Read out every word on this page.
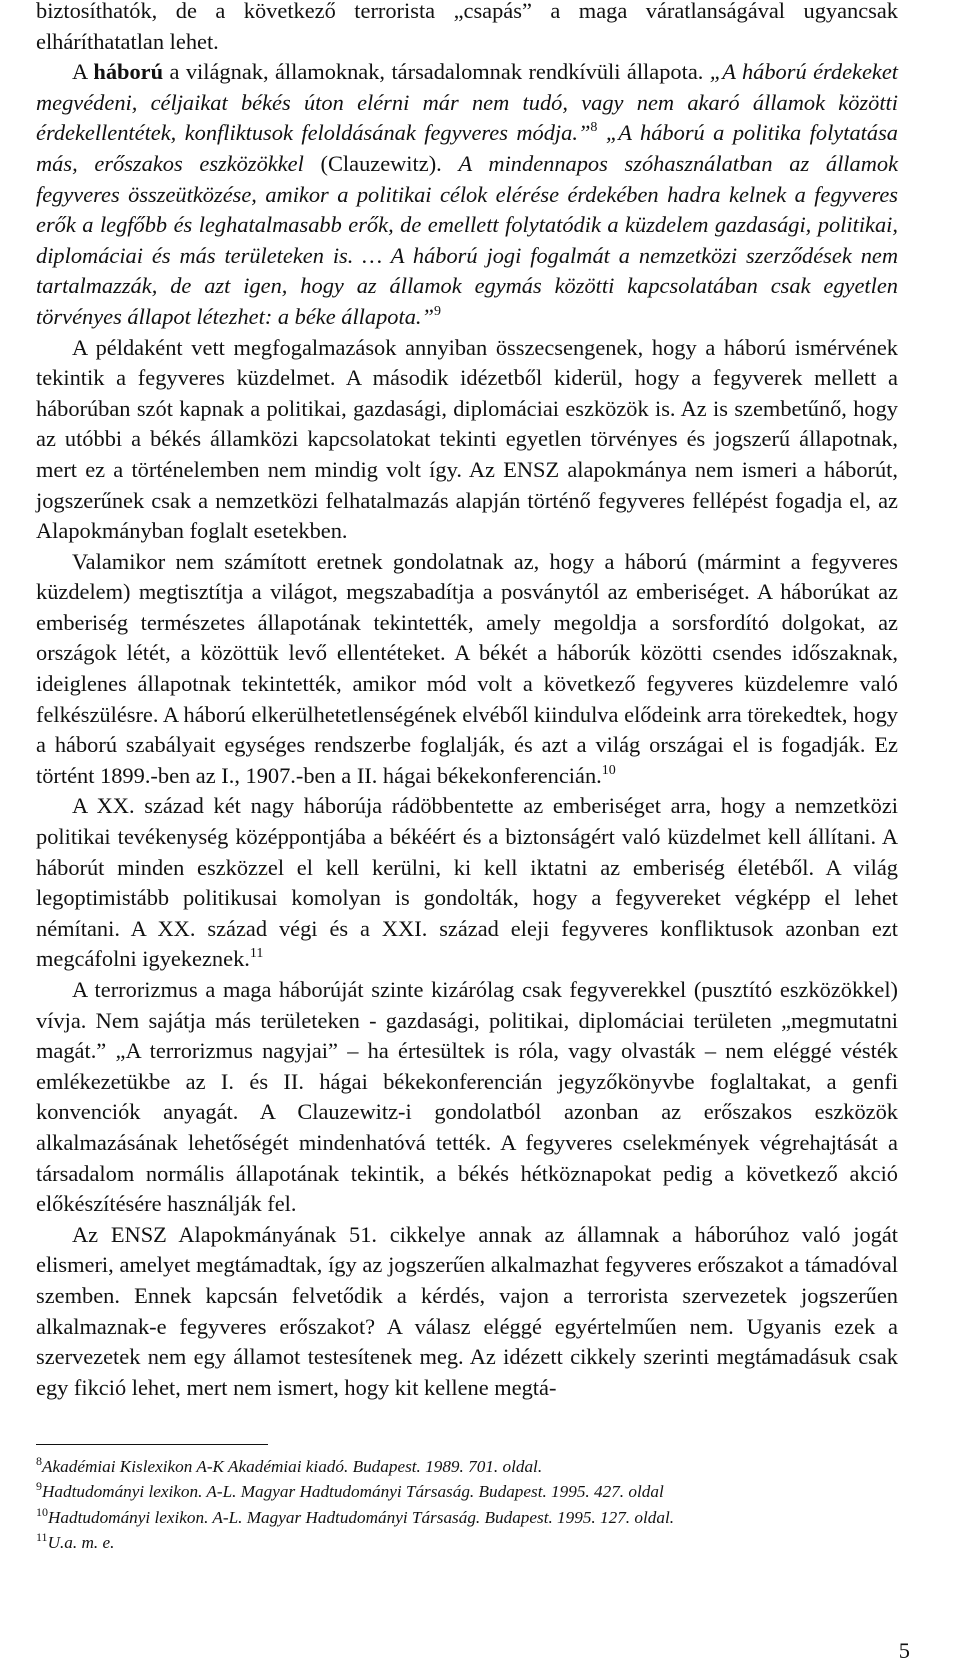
biztosíthatók, de a következő terrorista „csapás” a maga váratlanságával ugyancsak elháríthatatlan lehet.

A háború a világnak, államoknak, társadalomnak rendkívüli állapota. „A háború érdekeket megvédeni, céljaikat békés úton elérni már nem tudó, vagy nem akaró államok közötti érdekellentétek, konfliktusok feloldásának fegyveres módja.”$^8$ „A háború a politika folytatása más, erőszakos eszközökkel (Clauzewitz). A mindennapos szóhasználatban az államok fegyveres összeütközése, amikor a politikai célok elérése érdekében hadra kelnek a fegyveres erők a legfőbb és leghatalmasabb erők, de emellett folytatódik a küzdelem gazdasági, politikai, diplomáciai és más területeken is. … A háború jogi fogalmát a nemzetközi szerződések nem tartalmazzák, de azt igen, hogy az államok egymás közötti kapcsolatában csak egyetlen törvényes állapot létezhet: a béke állapota.”$^9$

A példaként vett megfogalmazások annyiban összecsengenek, hogy a háború ismérvének tekintik a fegyveres küzdelmet. A második idézetből kiderül, hogy a fegyverek mellett a háborúban szót kapnak a politikai, gazdasági, diplomáciai eszközök is. Az is szembetűnő, hogy az utóbbi a békés államközi kapcsolatokat tekinti egyetlen törvényes és jogszerű állapotnak, mert ez a történelemben nem mindig volt így. Az ENSZ alapokmánya nem ismeri a háborút, jogszerűnek csak a nemzetközi felhatalmazás alapján történő fegyveres fellépést fogadja el, az Alapokmányban foglalt esetekben.

Valamikor nem számított eretnek gondolatnak az, hogy a háború (mármint a fegyveres küzdelem) megtisztítja a világot, megszabadítja a posványtól az emberiséget. A háborúkat az emberiség természetes állapotának tekintették, amely megoldja a sorsfordító dolgokat, az országok létét, a közöttük levő ellentéteket. A békét a háborúk közötti csendes időszaknak, ideiglenes állapotnak tekintették, amikor mód volt a következő fegyveres küzdelemre való felkészülésre. A háború elkerülhetetlenségének elvéből kiindulva elődeink arra törekedtek, hogy a háború szabályait egységes rendszerbe foglalják, és azt a világ országai el is fogadják. Ez történt 1899.-ben az I., 1907.-ben a II. hágai békekonferencián.$^{10}$

A XX. század két nagy háborúja rádöbbentette az emberiséget arra, hogy a nemzetközi politikai tevékenység középpontjába a békéért és a biztonságért való küzdelmet kell állítani. A háborút minden eszközzel el kell kerülni, ki kell iktatni az emberiség életéből. A világ legoptimistább politikusai komolyan is gondolták, hogy a fegyvereket végképp el lehet némítani. A XX. század végi és a XXI. század eleji fegyveres konfliktusok azonban ezt megcáfolni igyekeznek.$^{11}$

A terrorizmus a maga háborúját szinte kizárólag csak fegyverekkel (pusztító eszközökkel) vívja. Nem sajátja más területeken - gazdasági, politikai, diplomáciai területen „megmutatni magát.” „A terrorizmus nagyjai” – ha értesültek is róla, vagy olvasták – nem eléggé vésték emlékezetükbe az I. és II. hágai békekonferencián jegyzőkönyvbe foglaltakat, a genfi konvenciók anyagát. A Clauzewitz-i gondolatból azonban az erőszakos eszközök alkalmazásának lehetőségét mindenhatóvá tették. A fegyveres cselekmények végrehajtását a társadalom normális állapotának tekintik, a békés hétköznapokat pedig a következő akció előkészítésére használják fel.

Az ENSZ Alapokmányának 51. cikkelye annak az államnak a háborúhoz való jogát elismeri, amelyet megtámadtak, így az jogszerűen alkalmazhat fegyveres erőszakot a támadóval szemben. Ennek kapcsán felvetődik a kérdés, vajon a terrorista szervezetek jogszerűen alkalmaznak-e fegyveres erőszakot? A válasz eléggé egyértelműen nem. Ugyanis ezek a szervezetek nem egy államot testesítenek meg. Az idézett cikkely szerinti megtámadásuk csak egy fikció lehet, mert nem ismert, hogy kit kellene megtá-

$^8$Akadémiai Kislexikon A-K Akadémiai kiadó. Budapest. 1989. 701. oldal.
$^9$Hadtudományi lexikon. A-L. Magyar Hadtudományi Társaság. Budapest. 1995. 427. oldal
$^{10}$Hadtudományi lexikon. A-L. Magyar Hadtudományi Társaság. Budapest. 1995. 127. oldal.
$^{11}$U.a. m. e.
5
